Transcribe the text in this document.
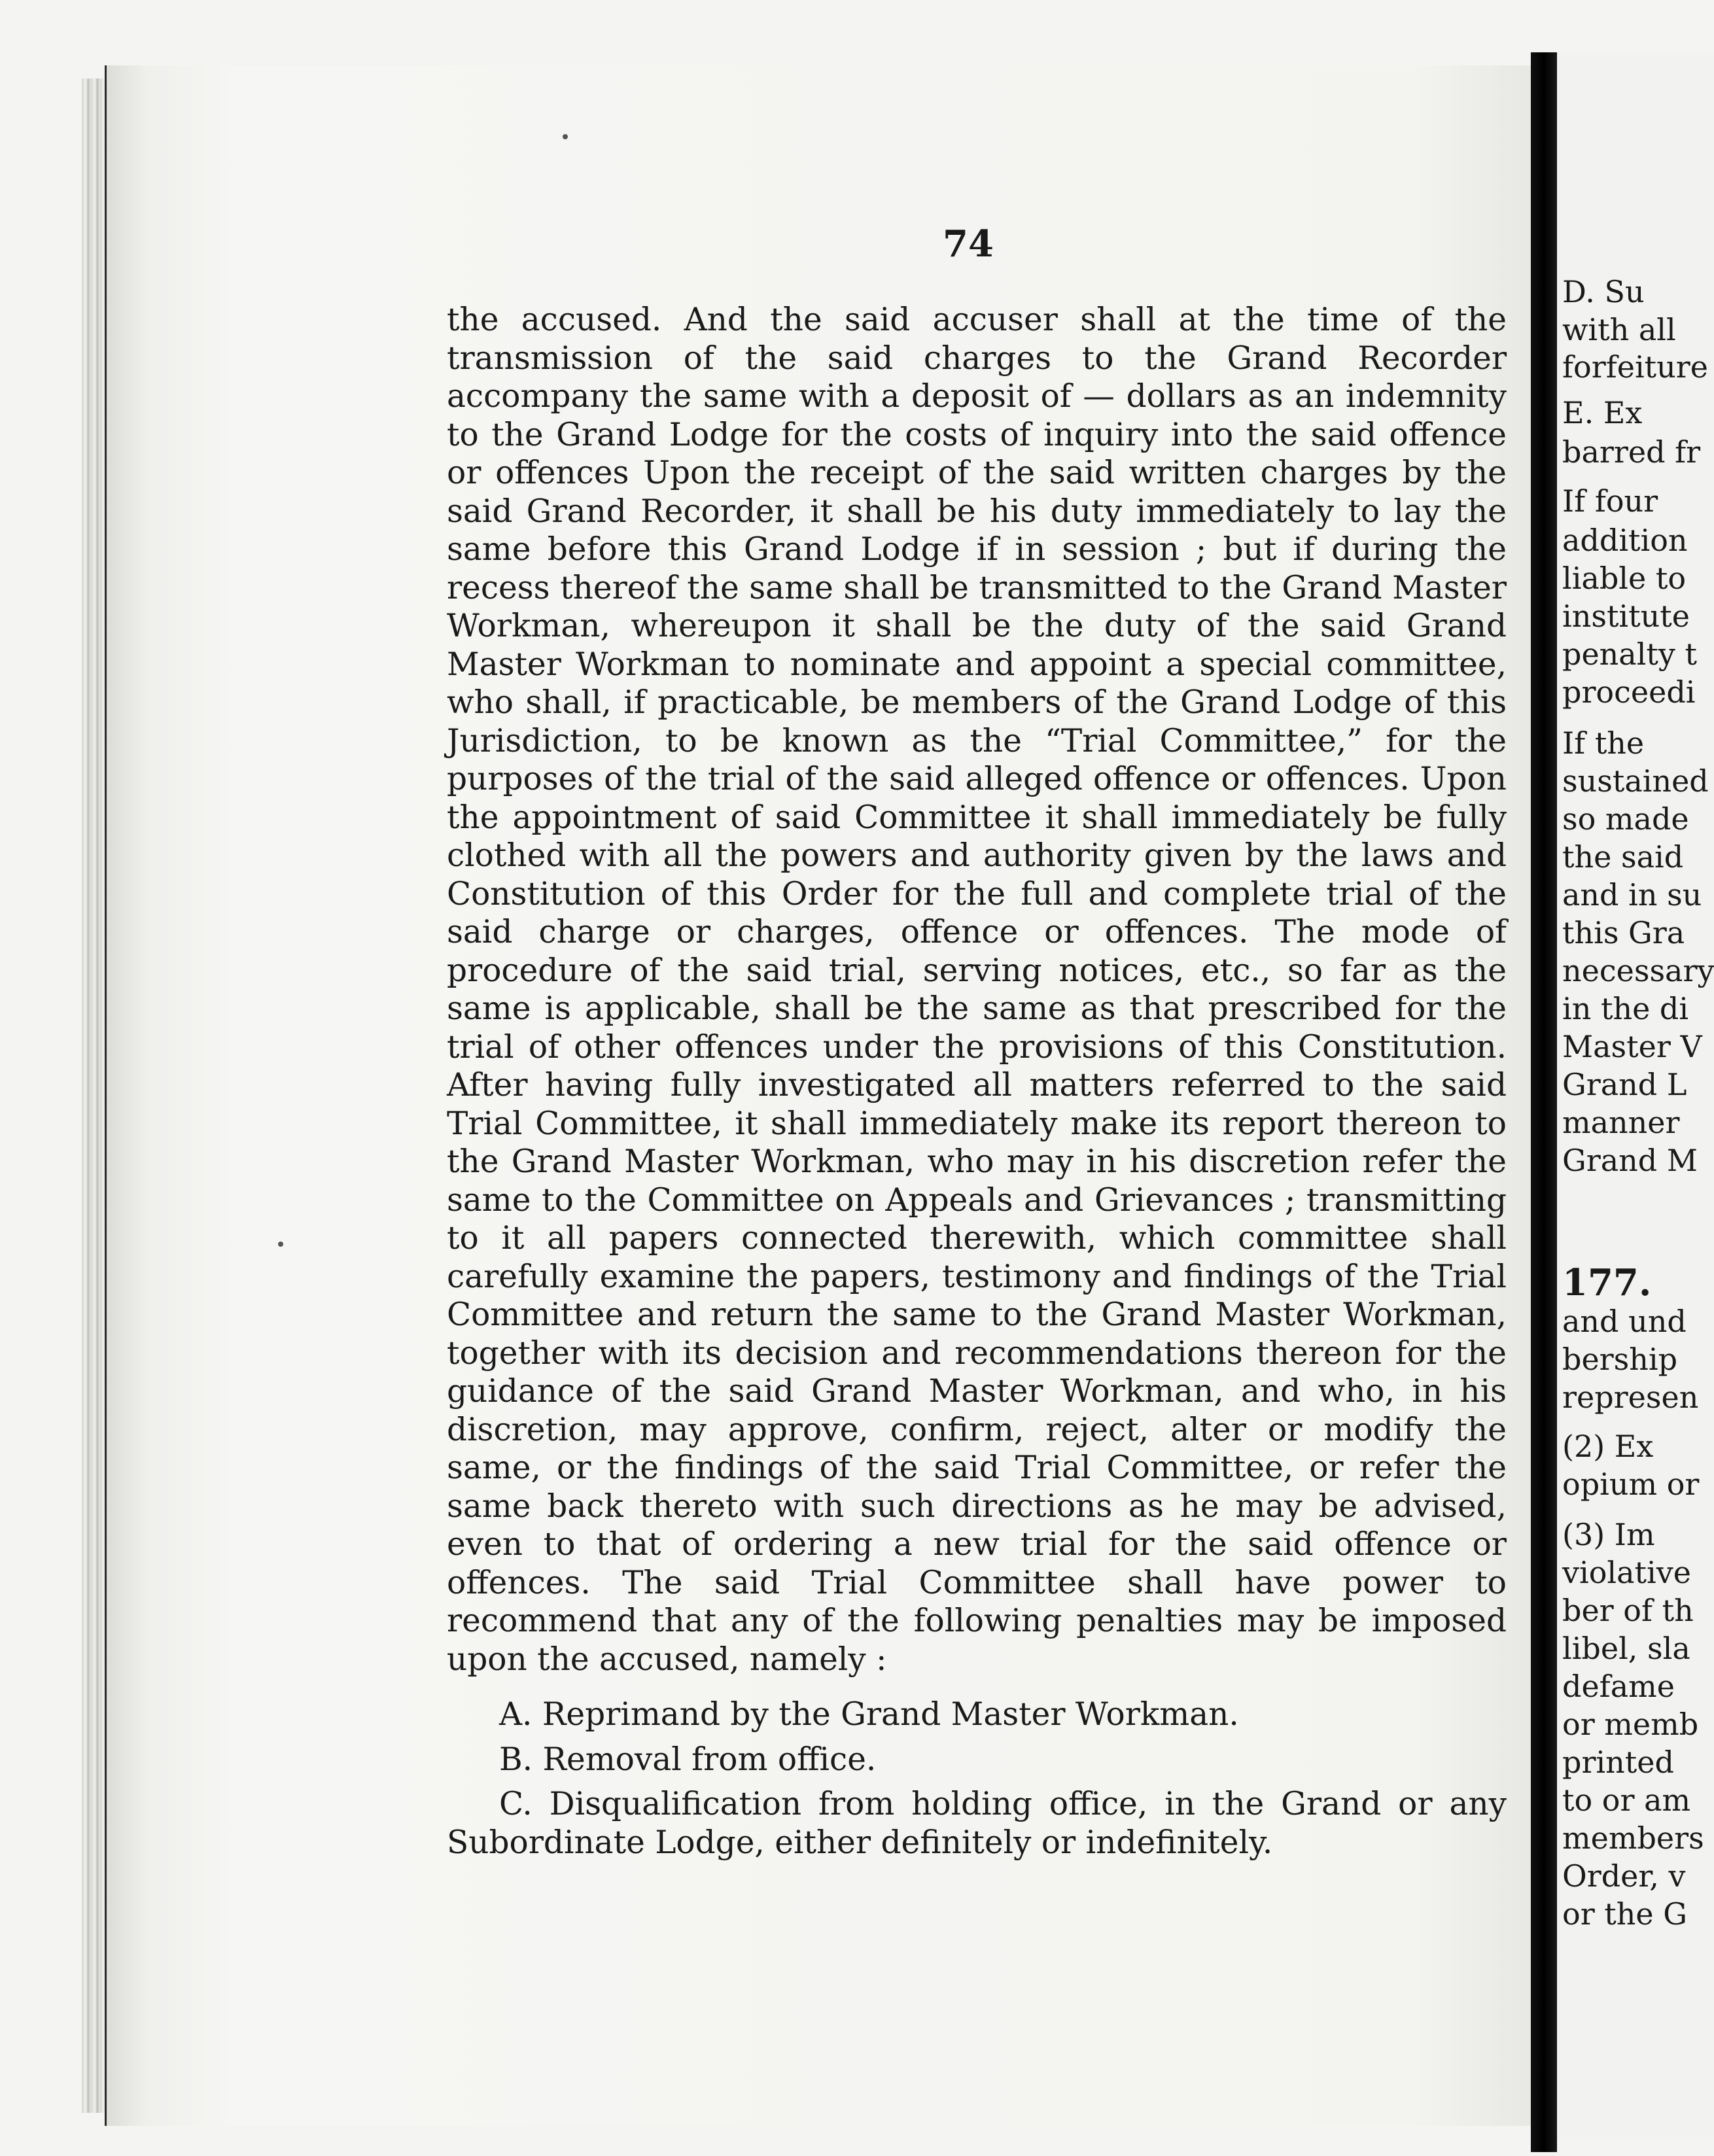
D. Su
with all
forfeiture
E. Ex
barred fr
If four
addition
liable to
institute
penalty t
proceedi
If the
sustained
so made
the said
and in su
this Gra
necessary
in the di
Master V
Grand L
manner
Grand M
177.
and und
bership
represen
(2) Ex
opium or
(3) Im
violative
ber of th
libel, sla
defame
or memb
printed
to or am
members
Order, v
or the G
74

the accused. And the said accuser shall at the time of the transmission of the said charges to the Grand Recorder accompany the same with a deposit of — dollars as an indemnity to the Grand Lodge for the costs of inquiry into the said offence or offences Upon the receipt of the said written charges by the said Grand Recorder, it shall be his duty immediately to lay the same before this Grand Lodge if in session ; but if during the recess thereof the same shall be transmitted to the Grand Master Workman, whereupon it shall be the duty of the said Grand Master Workman to nominate and appoint a special committee, who shall, if practicable, be members of the Grand Lodge of this Jurisdiction, to be known as the “Trial Committee,” for the purposes of the trial of the said alleged offence or offences. Upon the appointment of said Committee it shall immediately be fully clothed with all the powers and authority given by the laws and Constitution of this Order for the full and complete trial of the said charge or charges, offence or offences. The mode of procedure of the said trial, serving notices, etc., so far as the same is applicable, shall be the same as that prescribed for the trial of other offences under the provisions of this Constitution. After having fully investigated all matters referred to the said Trial Committee, it shall immediately make its report thereon to the Grand Master Workman, who may in his discretion refer the same to the Committee on Appeals and Grievances ; transmitting to it all papers connected therewith, which committee shall carefully examine the papers, testimony and findings of the Trial Committee and return the same to the Grand Master Workman, together with its decision and recommendations thereon for the guidance of the said Grand Master Workman, and who, in his discretion, may approve, confirm, reject, alter or modify the same, or the findings of the said Trial Committee, or refer the same back thereto with such directions as he may be advised, even to that of ordering a new trial for the said offence or offences. The said Trial Committee shall have power to recommend that any of the following penalties may be imposed upon the accused, namely :

A. Reprimand by the Grand Master Workman.

B. Removal from office.

C. Disqualification from holding office, in the Grand or any Subordinate Lodge, either definitely or indefinitely.
